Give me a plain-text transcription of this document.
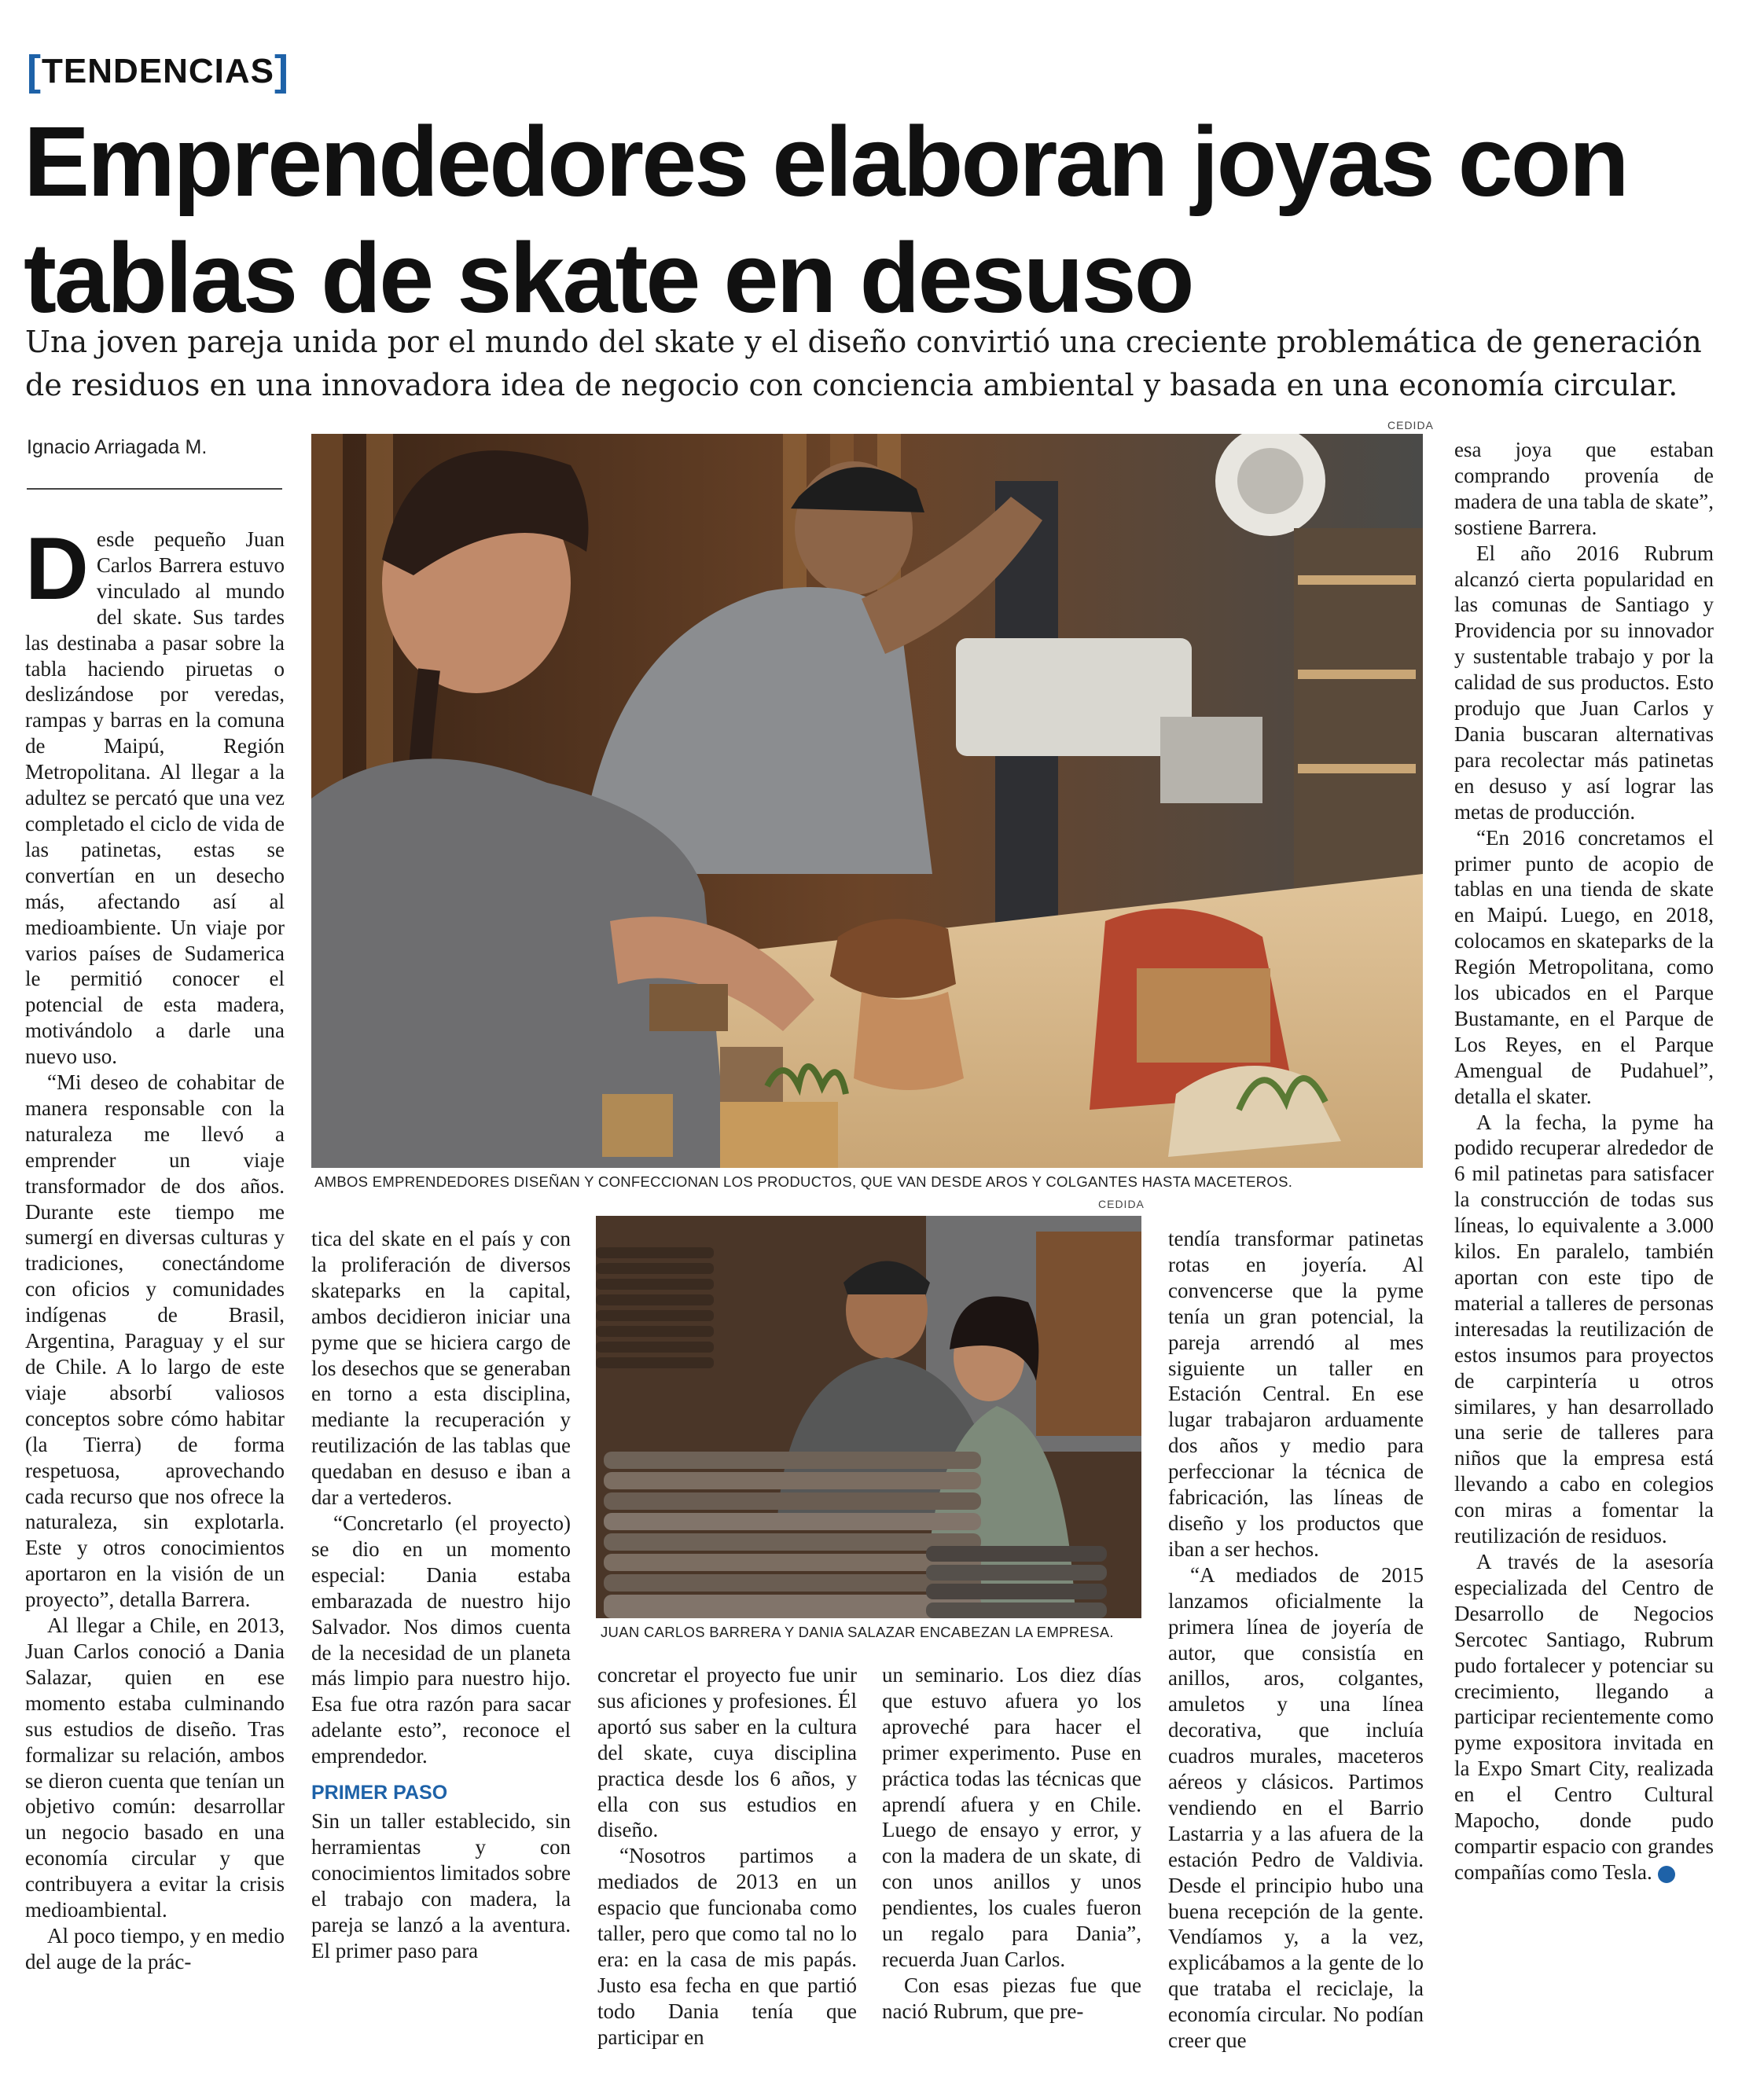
[TENDENCIAS]
Emprendedores elaboran joyas con tablas de skate en desuso

Una joven pareja unida por el mundo del skate y el diseño convirtió una creciente problemática de generación de residuos en una innovadora idea de negocio con conciencia ambiental y basada en una economía circular.

Ignacio Arriagada M.

Desde pequeño Juan Carlos Barrera estuvo vinculado al mundo del skate. Sus tardes las destinaba a pasar sobre la tabla haciendo piruetas o deslizándose por veredas, rampas y barras en la comuna de Maipú, Región Metropolitana. Al llegar a la adultez se percató que una vez completado el ciclo de vida de las patinetas, estas se convertían en un desecho más, afectando así al medioambiente. Un viaje por varios países de Sudamerica le permitió conocer el potencial de esta madera, motivándolo a darle una nuevo uso.

“Mi deseo de cohabitar de manera responsable con la naturaleza me llevó a emprender un viaje transformador de dos años. Durante este tiempo me sumergí en diversas culturas y tradiciones, conectándome con oficios y comunidades indígenas de Brasil, Argentina, Paraguay y el sur de Chile. A lo largo de este viaje absorbí valiosos conceptos sobre cómo habitar (la Tierra) de forma respetuosa, aprovechando cada recurso que nos ofrece la naturaleza, sin explotarla. Este y otros conocimientos aportaron en la visión de un proyecto”, detalla Barrera.

Al llegar a Chile, en 2013, Juan Carlos conoció a Dania Salazar, quien en ese momento estaba culminando sus estudios de diseño. Tras formalizar su relación, ambos se dieron cuenta que tenían un objetivo común: desarrollar un negocio basado en una economía circular y que contribuyera a evitar la crisis medioambiental.

Al poco tiempo, y en medio del auge de la prác-

CEDIDA
AMBOS EMPRENDEDORES DISEÑAN Y CONFECCIONAN LOS PRODUCTOS, QUE VAN DESDE AROS Y COLGANTES HASTA MACETEROS.
CEDIDA
JUAN CARLOS BARRERA Y DANIA SALAZAR ENCABEZAN LA EMPRESA.

tica del skate en el país y con la proliferación de diversos skateparks en la capital, ambos decidieron iniciar una pyme que se hiciera cargo de los desechos que se generaban en torno a esta disciplina, mediante la recuperación y reutilización de las tablas que quedaban en desuso e iban a dar a vertederos.

“Concretarlo (el proyecto) se dio en un momento especial: Dania estaba embarazada de nuestro hijo Salvador. Nos dimos cuenta de la necesidad de un planeta más limpio para nuestro hijo. Esa fue otra razón para sacar adelante esto”, reconoce el emprendedor.

PRIMER PASO

Sin un taller establecido, sin herramientas y con conocimientos limitados sobre el trabajo con madera, la pareja se lanzó a la aventura. El primer paso para

concretar el proyecto fue unir sus aficiones y profesiones. Él aportó sus saber en la cultura del skate, cuya disciplina practica desde los 6 años, y ella con sus estudios en diseño.

“Nosotros partimos a mediados de 2013 en un espacio que funcionaba como taller, pero que como tal no lo era: en la casa de mis papás. Justo esa fecha en que partió todo Dania tenía que participar en

un seminario. Los diez días que estuvo afuera yo los aproveché para hacer el primer experimento. Puse en práctica todas las técnicas que aprendí afuera y en Chile. Luego de ensayo y error, y con la madera de un skate, di con unos anillos y unos pendientes, los cuales fueron un regalo para Dania”, recuerda Juan Carlos.

Con esas piezas fue que nació Rubrum, que pre-

tendía transformar patinetas rotas en joyería. Al convencerse que la pyme tenía un gran potencial, la pareja arrendó al mes siguiente un taller en Estación Central. En ese lugar trabajaron arduamente dos años y medio para perfeccionar la técnica de fabricación, las líneas de diseño y los productos que iban a ser hechos.

“A mediados de 2015 lanzamos oficialmente la primera línea de joyería de autor, que consistía en anillos, aros, colgantes, amuletos y una línea decorativa, que incluía cuadros murales, maceteros aéreos y clásicos. Partimos vendiendo en el Barrio Lastarria y a las afuera de la estación Pedro de Valdivia. Desde el principio hubo una buena recepción de la gente. Vendíamos y, a la vez, explicábamos a la gente de lo que trataba el reciclaje, la economía circular. No podían creer que

esa joya que estaban comprando provenía de madera de una tabla de skate”, sostiene Barrera.

El año 2016 Rubrum alcanzó cierta popularidad en las comunas de Santiago y Providencia por su innovador y sustentable trabajo y por la calidad de sus productos. Esto produjo que Juan Carlos y Dania buscaran alternativas para recolectar más patinetas en desuso y así lograr las metas de producción.

“En 2016 concretamos el primer punto de acopio de tablas en una tienda de skate en Maipú. Luego, en 2018, colocamos en skateparks de la Región Metropolitana, como los ubicados en el Parque Bustamante, en el Parque de Los Reyes, en el Parque Amengual de Pudahuel”, detalla el skater.

A la fecha, la pyme ha podido recuperar alrededor de 6 mil patinetas para satisfacer la construcción de todas sus líneas, lo equivalente a 3.000 kilos. En paralelo, también aportan con este tipo de material a talleres de personas interesadas la reutilización de estos insumos para proyectos de carpintería u otros similares, y han desarrollado una serie de talleres para niños que la empresa está llevando a cabo en colegios con miras a fomentar la reutilización de residuos.

A través de la asesoría especializada del Centro de Desarrollo de Negocios Sercotec Santiago, Rubrum pudo fortalecer y potenciar su crecimiento, llegando a participar recientemente como pyme expositora invitada en la Expo Smart City, realizada en el Centro Cultural Mapocho, donde pudo compartir espacio con grandes compañías como Tesla. ✪
